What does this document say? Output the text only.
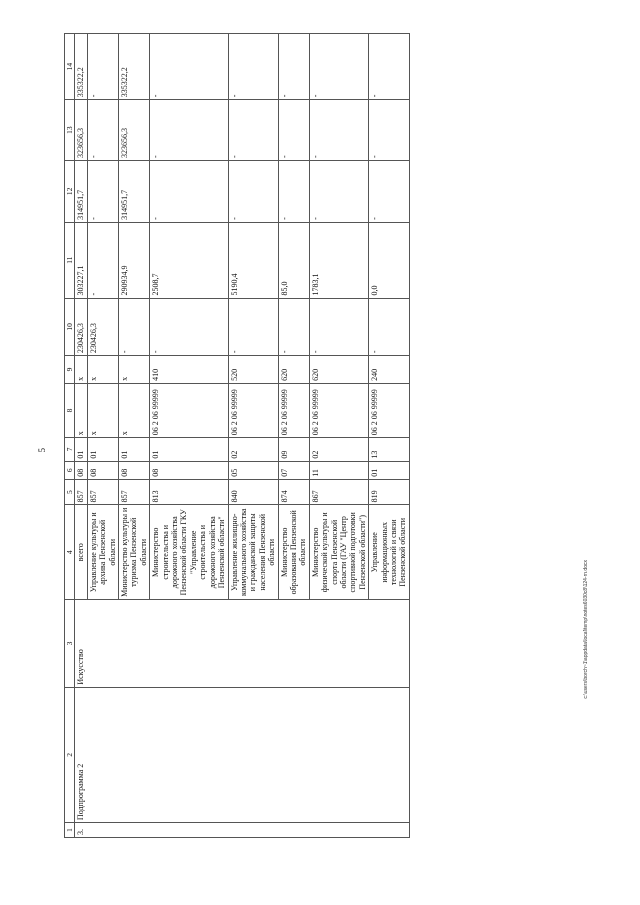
5
c:\users\borch~1\appdata\local\temp\notes6030c8\124-rn.docx
1	2	3	4	5	6	7	8	9	10	11	12	13	14
3.	Подпрограмма 2	Искусство	всего	857	08	01	х	х	230426,3	303227,1	314951,7	323656,3	335322,2
			Управление культуры и архива Пензенской области	857	08	01	х	х	230426,3	-	-	-	-
			Министерство культуры и туризма Пензенской области	857	08	01	х	х	-	290934,9	314951,7	323656,3	335322,2
			Министерство строительства и дорожного хозяйства Пензенской области ГКУ "Управление строительства и дорожного хозяйства Пензенской области"	813	08	01	06 2 06 99999	410	-	2508,7	-	-	-
			Управление жилищно-коммунального хозяйства и гражданской защиты населения Пензенской области	840	05	02	06 2 06 99999	520	-	5190,4	-	-	-
			Министерство образования Пензенской области	874	07	09	06 2 06 99999	620	-	85,0	-	-	-
			Министерство физической культуры и спорта Пензенской области (ГАУ "Центр спортивной подготовки Пензенской области")	867	11	02	06 2 06 99999	620	-	1783,1	-	-	-
			Управление информационных технологий и связи Пензенской области	819	01	13	06 2 06 99999	240	-	0,0	-	-	-
